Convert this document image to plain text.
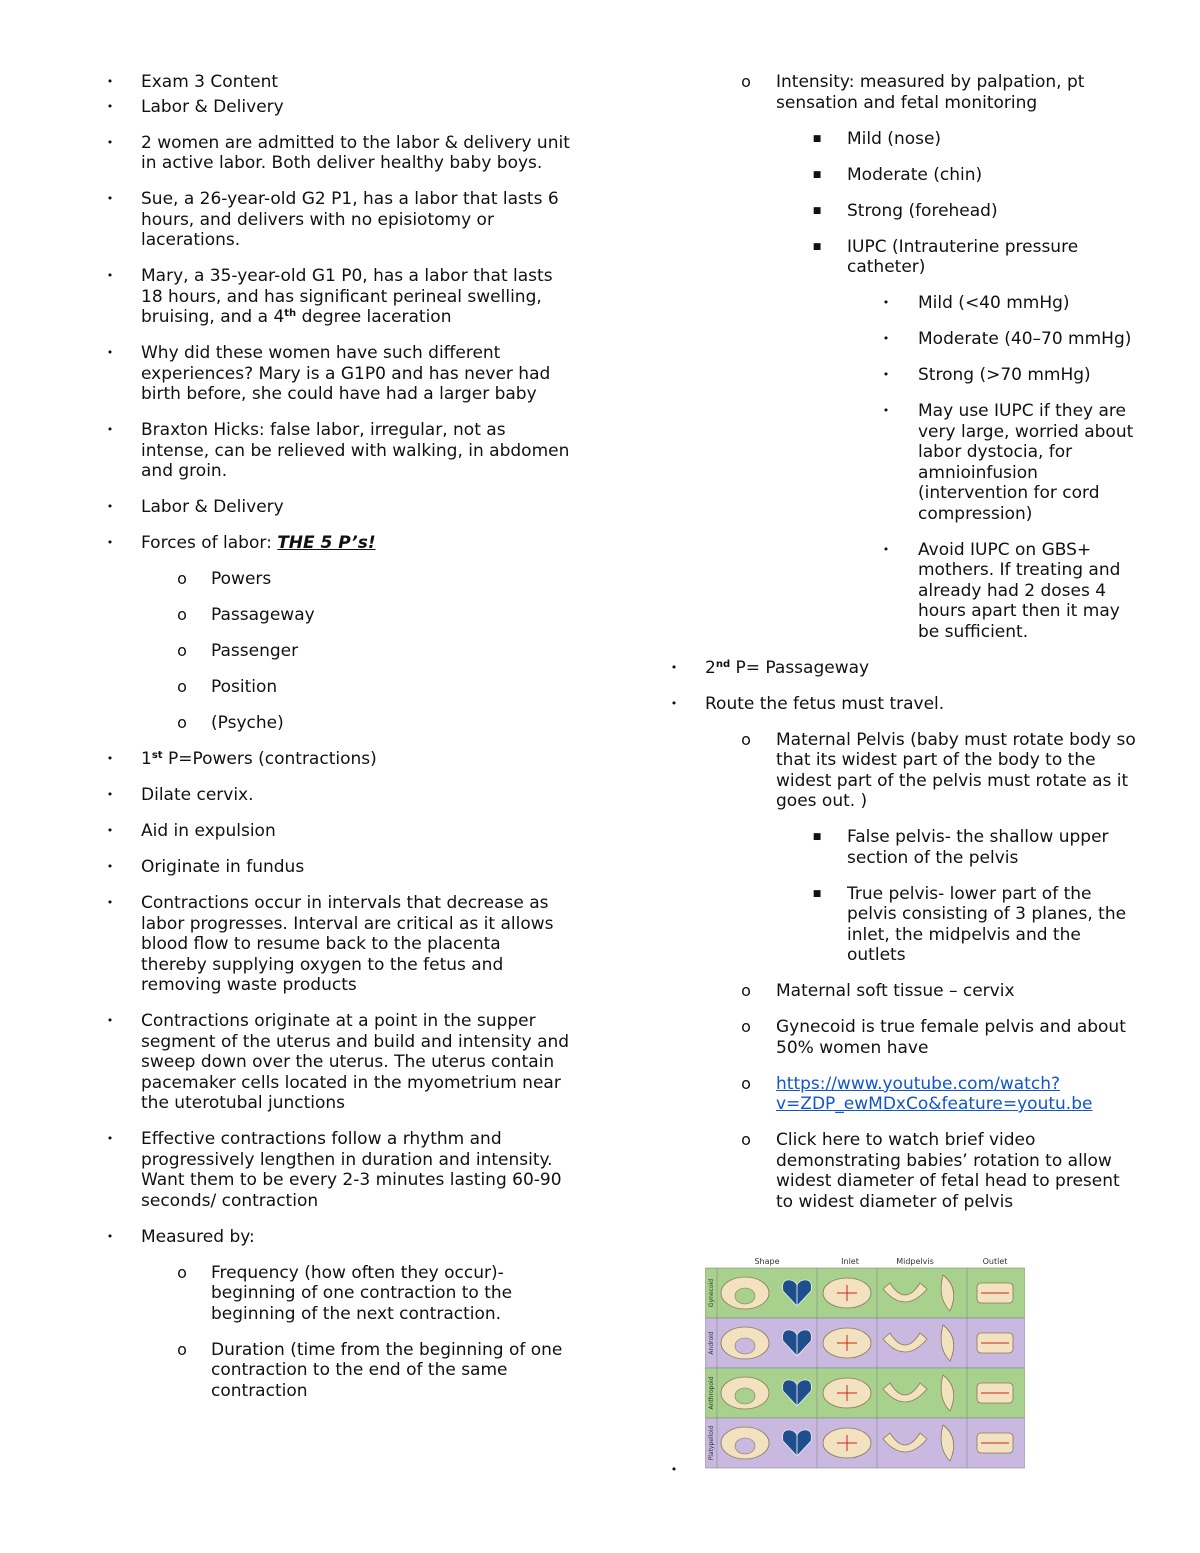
•	Exam 3 Content
•	Labor & Delivery
•	2 women are admitted to the labor & delivery unit in active labor. Both deliver healthy baby boys.
•	Sue, a 26-year-old G2 P1, has a labor that lasts 6 hours, and delivers with no episiotomy or lacerations.
•	Mary, a 35-year-old G1 P0, has a labor that lasts 18 hours, and has significant perineal swelling, bruising, and a 4th degree laceration
•	Why did these women have such different experiences? Mary is a G1P0 and has never had birth before, she could have had a larger baby
•	Braxton Hicks: false labor, irregular, not as intense, can be relieved with walking, in abdomen and groin.
•	Labor & Delivery
•	Forces of labor: THE 5 P’s!
o	Powers
o	Passageway
o	Passenger
o	Position
o	(Psyche)
•	1st P=Powers (contractions)
•	Dilate cervix.
•	Aid in expulsion
•	Originate in fundus
•	Contractions occur in intervals that decrease as labor progresses. Interval are critical as it allows blood flow to resume back to the placenta thereby supplying oxygen to the fetus and removing waste products
•	Contractions originate at a point in the supper segment of the uterus and build and intensity and sweep down over the uterus. The uterus contain pacemaker cells located in the myometrium near the uterotubal junctions
•	Effective contractions follow a rhythm and progressively lengthen in duration and intensity. Want them to be every 2-3 minutes lasting 60-90 seconds/ contraction
•	Measured by:
o	Frequency (how often they occur)- beginning of one contraction to the beginning of the next contraction.
o	Duration (time from the beginning of one contraction to the end of the same contraction
o	Intensity: measured by palpation, pt sensation and fetal monitoring
■	Mild (nose)
■	Moderate (chin)
■	Strong (forehead)
■	IUPC (Intrauterine pressure catheter)
•	Mild (<40 mmHg)
•	Moderate (40–70 mmHg)
•	Strong (>70 mmHg)
•	May use IUPC if they are very large, worried about labor dystocia, for amnioinfusion (intervention for cord compression)
•	Avoid IUPC on GBS+ mothers. If treating and already had 2 doses 4 hours apart then it may be sufficient.
•	2nd P= Passageway
•	Route the fetus must travel.
o	Maternal Pelvis (baby must rotate body so that its widest part of the body to the widest part of the pelvis must rotate as it goes out. )
■	False pelvis- the shallow upper section of the pelvis
■	True pelvis- lower part of the pelvis consisting of 3 planes, the inlet, the midpelvis and the outlets
o	Maternal soft tissue – cervix
o	Gynecoid is true female pelvis and about 50% women have
o	https://www.youtube.com/watch?v=ZDP_ewMDxCo&feature=youtu.be
o	Click here to watch brief video demonstrating babies’ rotation to allow widest diameter of fetal head to present to widest diameter of pelvis
Shape	Inlet	Midpelvis	Outlet
Gynecoid
Android
Anthropoid
Platypelloid
•
